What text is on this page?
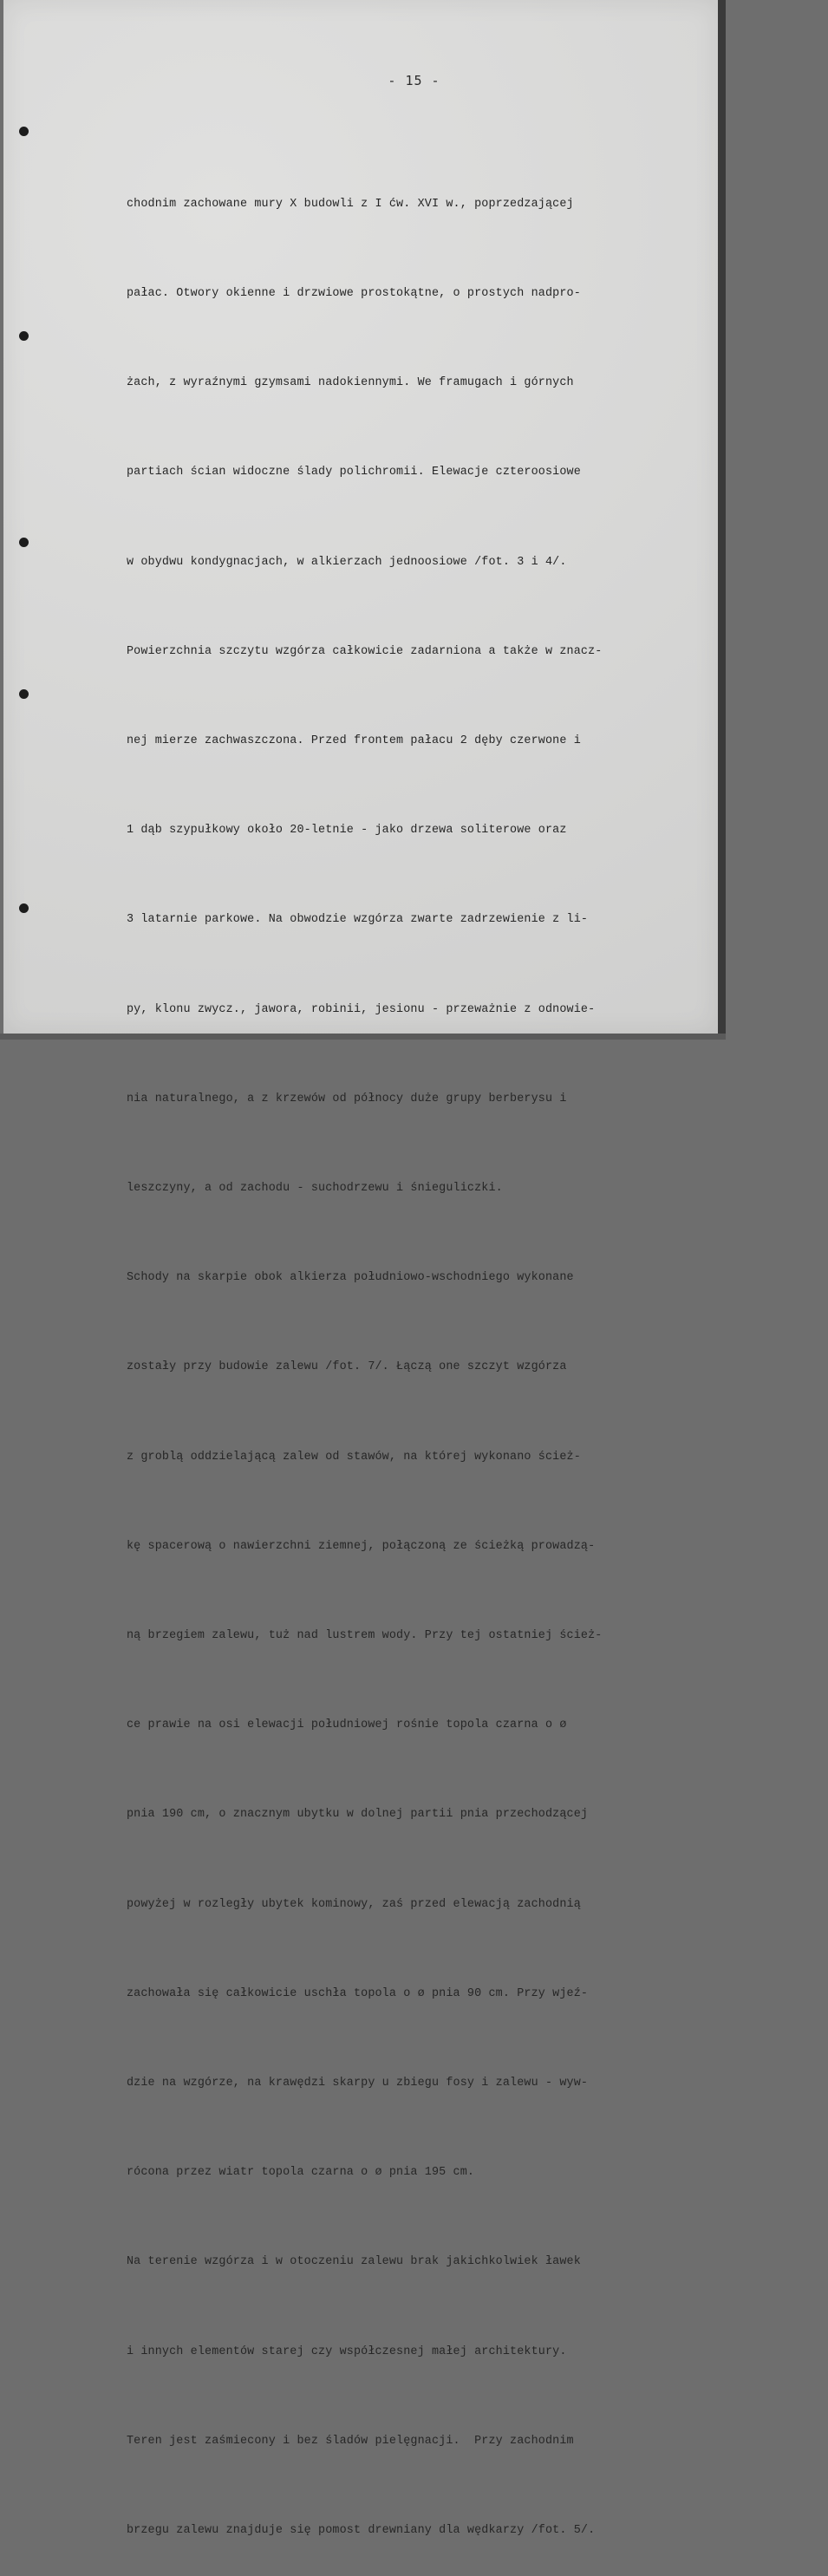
- 15 -

chodnim zachowane mury X budowli z I ćw. XVI w., poprzedzającej

pałac. Otwory okienne i drzwiowe prostokątne, o prostych nadpro-

żach, z wyraźnymi gzymsami nadokiennymi. We framugach i górnych

partiach ścian widoczne ślady polichromii. Elewacje czteroosiowe

w obydwu kondygnacjach, w alkierzach jednoosiowe /fot. 3 i 4/.

Powierzchnia szczytu wzgórza całkowicie zadarniona a także w znacz-

nej mierze zachwaszczona. Przed frontem pałacu 2 dęby czerwone i

1 dąb szypułkowy około 20-letnie - jako drzewa soliterowe oraz

3 latarnie parkowe. Na obwodzie wzgórza zwarte zadrzewienie z li-

py, klonu zwycz., jawora, robinii, jesionu - przeważnie z odnowie-

nia naturalnego, a z krzewów od północy duże grupy berberysu i

leszczyny, a od zachodu - suchodrzewu i śnieguliczki.

Schody na skarpie obok alkierza południowo-wschodniego wykonane

zostały przy budowie zalewu /fot. 7/. Łączą one szczyt wzgórza

z groblą oddzielającą zalew od stawów, na której wykonano ścież-

kę spacerową o nawierzchni ziemnej, połączoną ze ścieżką prowadzą-

ną brzegiem zalewu, tuż nad lustrem wody. Przy tej ostatniej ścież-

ce prawie na osi elewacji południowej rośnie topola czarna o ø

pnia 190 cm, o znacznym ubytku w dolnej partii pnia przechodzącej

powyżej w rozległy ubytek kominowy, zaś przed elewacją zachodnią

zachowała się całkowicie uschła topola o ø pnia 90 cm. Przy wjeź-

dzie na wzgórze, na krawędzi skarpy u zbiegu fosy i zalewu - wyw-

rócona przez wiatr topola czarna o ø pnia 195 cm.

Na terenie wzgórza i w otoczeniu zalewu brak jakichkolwiek ławek

i innych elementów starej czy współczesnej małej architektury.

Teren jest zaśmiecony i bez śladów pielęgnacji.  Przy zachodnim

brzegu zalewu znajduje się pomost drewniany dla wędkarzy /fot. 5/.
